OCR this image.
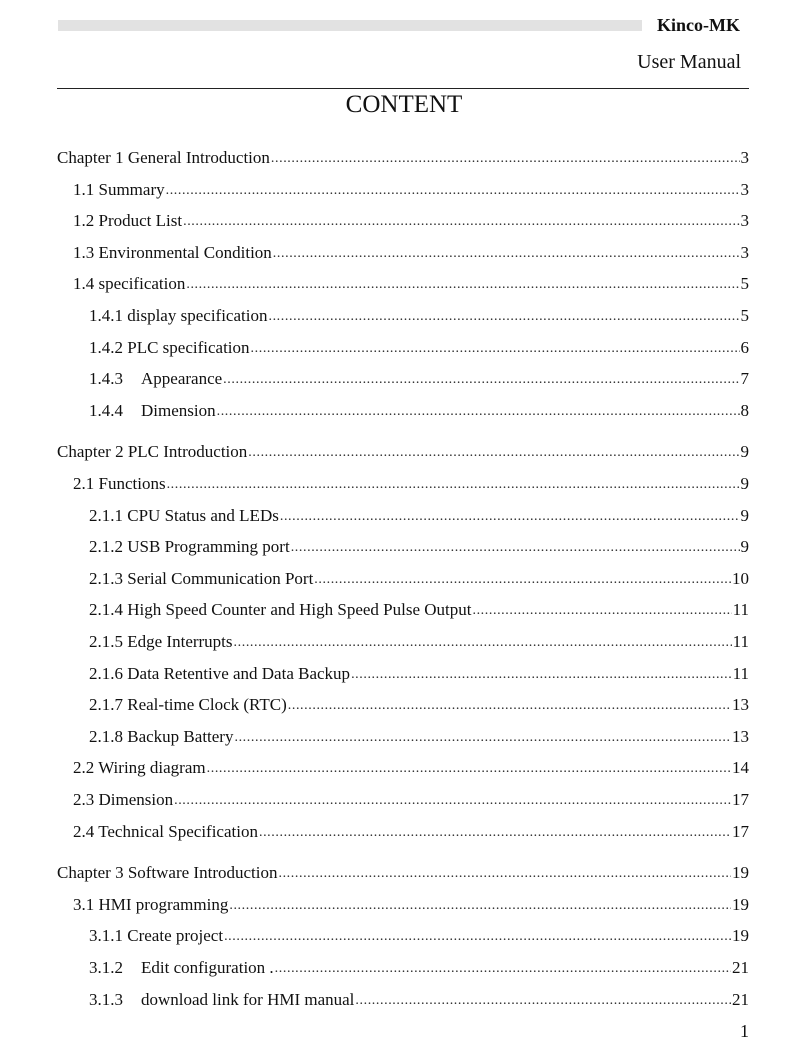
Kinco-MK
User Manual
CONTENT
Chapter 1 General Introduction .....	3
1.1 Summary .....	3
1.2 Product List .....	3
1.3 Environmental Condition .....	3
1.4 specification .....	5
1.4.1 display specification .....	5
1.4.2 PLC specification .....	6
1.4.3 Appearance .....	7
1.4.4 Dimension .....	8
Chapter 2 PLC Introduction .....	9
2.1 Functions .....	9
2.1.1 CPU Status and LEDs .....	9
2.1.2 USB Programming port .....	9
2.1.3 Serial Communication Port .....	10
2.1.4 High Speed Counter and High Speed Pulse Output .....	11
2.1.5 Edge Interrupts .....	11
2.1.6 Data Retentive and Data Backup .....	11
2.1.7 Real-time Clock (RTC) .....	13
2.1.8 Backup Battery .....	13
2.2 Wiring diagram .....	14
2.3 Dimension .....	17
2.4 Technical Specification .....	17
Chapter 3 Software Introduction .....	19
3.1 HMI programming .....	19
3.1.1 Create project .....	19
3.1.2 Edit configuration . .....	21
3.1.3 download link for HMI manual .....	21
1
